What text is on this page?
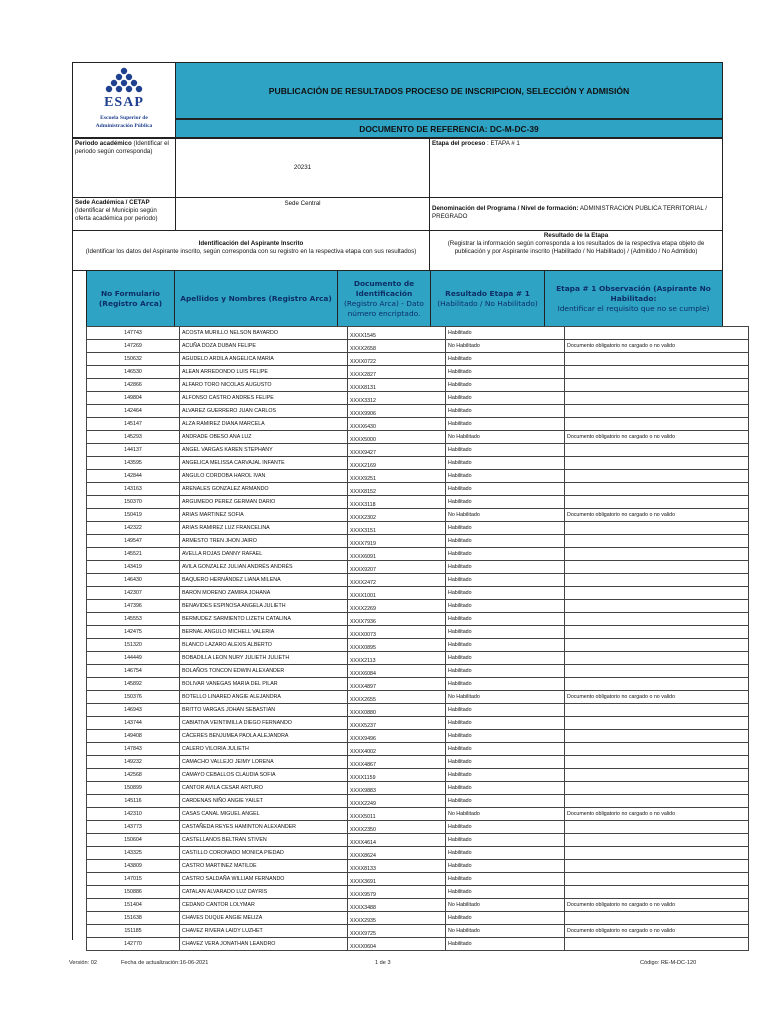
ESAP
Escuela Superior de
Administración Pública
PUBLICACIÓN DE RESULTADOS PROCESO DE INSCRIPCION, SELECCIÓN Y ADMISIÓN
DOCUMENTO DE REFERENCIA: DC-M-DC-39
Periodo académico (Identificar el periodo según corresponda)
20231
Etapa del proceso : ETAPA # 1
Sede Académica / CETAP (Identificar el Municipio según oferta académica por periodo)
Sede Central
Denominación del Programa / Nivel de formación: ADMINISTRACION PUBLICA TERRITORIAL / PREGRADO
Identificación del Aspirante Inscrito
(Identificar los datos del Aspirante inscrito, según corresponda con su registro en la respectiva etapa con sus resultados)
Resultado de la Etapa
(Registrar la información según corresponda a los resultados de la respectiva etapa objeto de publicación y por Aspirante inscrito (Habilitado / No Habilitado) / (Admitido / No Admitido)
No Formulario (Registro Arca)
Apellidos y Nombres (Registro Arca)
Documento de Identificación
(Registro Arca) - Dato número encriptado.
Resultado Etapa # 1
(Habilitado / No Habilitado)
Etapa # 1 Observación (Aspirante No Habilitado:
Identificar el requisito que no se cumple)
147743	ACOSTA MURILLO NELSON BAYARDO	XXXX1545	Habilitado	
147269	ACUÑA DOZA DUBAN FELIPE	XXXX2658	No Habilitado	Documento obligatorio no cargado o no valido
150632	AGUDELO ARDILA ANGELICA MARIA	XXXX0722	Habilitado	
146530	ALEAN ARREDONDO LUIS FELIPE	XXXX2827	Habilitado	
142866	ALFARO TORO NICOLAS AUGUSTO	XXXX8131	Habilitado	
149804	ALFONSO CASTRO ANDRES FELIPE	XXXX3312	Habilitado	
142464	ALVAREZ GUERRERO JUAN CARLOS	XXXX9906	Habilitado	
145147	ALZA RAMIREZ DIANA MARCELA	XXXX6430	Habilitado	
145293	ANDRADE OBESO ANA LUZ	XXXX5000	No Habilitado	Documento obligatorio no cargado o no valido
144137	ANGEL VARGAS KAREN STEPHANY	XXXX9427	Habilitado	
143595	ANGELICA MELISSA CARVAJAL INFANTE	XXXX2169	Habilitado	
142844	ANGULO CORDOBA HAROL IVAN	XXXX9251	Habilitado	
143163	ARENALES GONZALEZ ARMANDO	XXXX8152	Habilitado	
150370	ARGUMEDO PEREZ GERMAN DARIO	XXXX3118	Habilitado	
150419	ARIAS MARTINEZ SOFIA	XXXX2302	No Habilitado	Documento obligatorio no cargado o no valido
142322	ARIAS RAMIREZ LUZ FRANCELINA	XXXX3151	Habilitado	
149547	ARMESTO TREN JHON JAIRO	XXXX7919	Habilitado	
145521	AVELLA ROJAS DANNY RAFAEL	XXXX6091	Habilitado	
143419	AVILA GONZALEZ JULIAN ANDRÉS ANDRÉS	XXXX9207	Habilitado	
146430	BAQUERO HERNÁNDEZ LIANA MILENA	XXXX2472	Habilitado	
142307	BARON MORENO ZAMIRA JOHANA	XXXX1001	Habilitado	
147396	BENAVIDES ESPINOSA ANGELA JULIETH	XXXX2269	Habilitado	
145553	BERMUDEZ SARMIENTO LIZETH CATALINA	XXXX7936	Habilitado	
142475	BERNAL ANGULO MICHELL VALERIA	XXXX0073	Habilitado	
151320	BLANCO LAZARO ALEXIS ALBERTO	XXXX0895	Habilitado	
144449	BOBADILLA LEON NURY JULIETH JULIETH	XXXX2113	Habilitado	
146754	BOLAÑOS TONCON EDWIN ALEXANDER	XXXX6084	Habilitado	
145892	BOLIVAR VANEGAS MARIA DEL PILAR	XXXX4897	Habilitado	
150376	BOTELLO LINARED ANGIE ALEJANDRA	XXXX2655	No Habilitado	Documento obligatorio no cargado o no valido
146943	BRITTO VARGAS JOHAN SEBASTIAN	XXXX0880	Habilitado	
143744	CABIATIVA VEINTIMILLA DIEGO FERNANDO	XXXX5237	Habilitado	
149408	CÁCERES BENJUMEA PAOLA ALEJANDRA	XXXX9496	Habilitado	
147843	CALERO VILORIA JULIETH	XXXX4002	Habilitado	
149232	CAMACHO VALLEJO JEIMY LORENA	XXXX4867	Habilitado	
142568	CAMAYO CEBALLOS CLAUDIA SOFIA	XXXX1159	Habilitado	
150899	CANTOR AVILA CESAR ARTURO	XXXX9883	Habilitado	
145116	CARDENAS NIÑO ANGIE YAILET	XXXX2249	Habilitado	
142310	CASAS CANAL MIGUEL ANGEL	XXXX5011	No Habilitado	Documento obligatorio no cargado o no valido
143773	CASTAÑEDA REYES HAMINTON ALEXANDER	XXXX2350	Habilitado	
150604	CASTELLANOS BELTRAN STIVEN	XXXX4614	Habilitado	
143325	CASTILLO CORONADO MONICA PIEDAD	XXXX8624	Habilitado	
143809	CASTRO MARTINEZ MATILDE	XXXX8133	Habilitado	
147015	CASTRO SALDAÑA WILLIAM FERNANDO	XXXX3691	Habilitado	
150886	CATALAN ALVARADO LUZ DAYRIS	XXXX9579	Habilitado	
151404	CEDANO CANTOR LOLYMAR	XXXX3488	No Habilitado	Documento obligatorio no cargado o no valido
151638	CHAVES DUQUE ANGIE MELIZA	XXXX2935	Habilitado	
151185	CHAVEZ RIVERA LAIDY LUZHET	XXXX9725	No Habilitado	Documento obligatorio no cargado o no valido
142770	CHAVEZ VERA JONATHAN LEANDRO	XXXX0604	Habilitado	
Versión: 02	Fecha de actualización:16-06-2021	1 de 3	Código: RE-M-DC-120
